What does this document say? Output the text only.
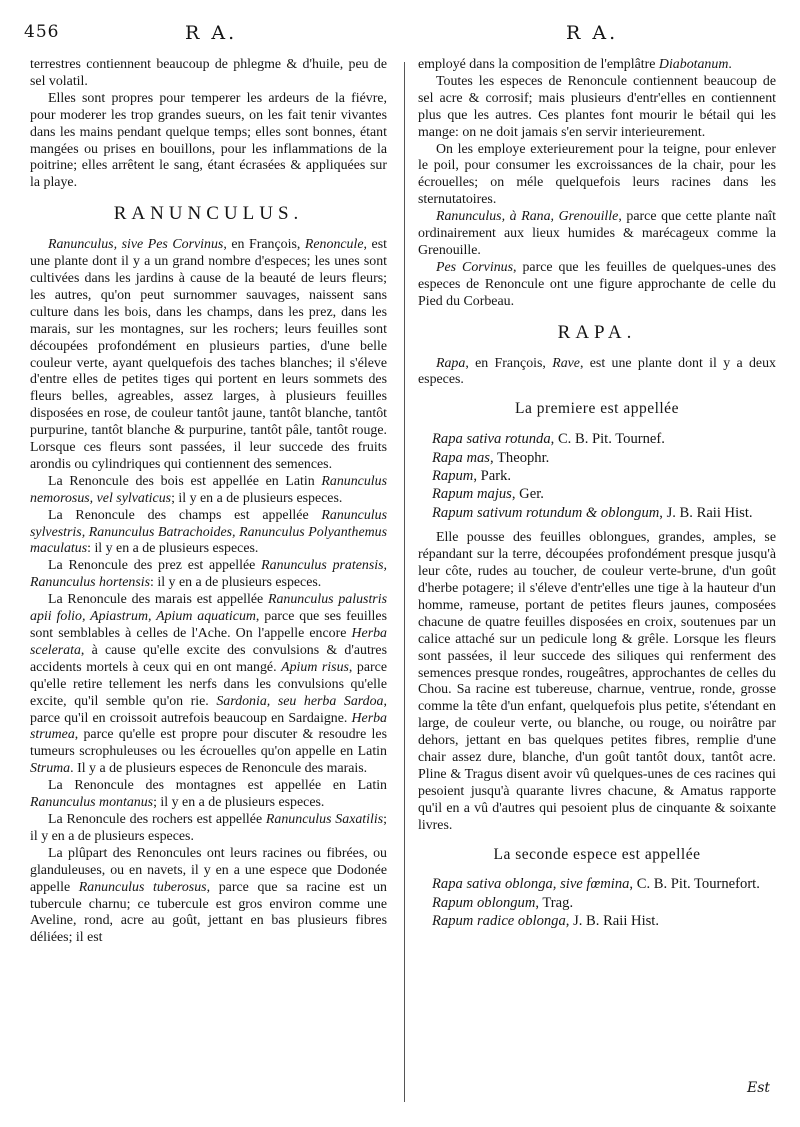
456	R A.	R A.

terrestres contiennent beaucoup de phlegme & d'huile, peu de sel volatil.

Elles sont propres pour temperer les ardeurs de la fiévre, pour moderer les trop grandes sueurs, on les fait tenir vivantes dans les mains pendant quelque temps; elles sont bonnes, étant mangées ou prises en bouillons, pour les inflammations de la poitrine; elles arrêtent le sang, étant écrasées & appliquées sur la playe.

RANUNCULUS.

Ranunculus, sive Pes Corvinus, en François, Renoncule, est une plante dont il y a un grand nombre d'especes; les unes sont cultivées dans les jardins à cause de la beauté de leurs fleurs; les autres, qu'on peut surnommer sauvages, naissent sans culture dans les bois, dans les champs, dans les prez, dans les marais, sur les montagnes, sur les rochers; leurs feuilles sont découpées profondément en plusieurs parties, d'une belle couleur verte, ayant quelquefois des taches blanches; il s'éleve d'entre elles de petites tiges qui portent en leurs sommets des fleurs belles, agreables, assez larges, à plusieurs feuilles disposées en rose, de couleur tantôt jaune, tantôt blanche, tantôt purpurine, tantôt blanche & purpurine, tantôt pâle, tantôt rouge. Lorsque ces fleurs sont passées, il leur succede des fruits arondis ou cylindriques qui contiennent des semences.

La Renoncule des bois est appellée en Latin Ranunculus nemorosus, vel sylvaticus; il y en a de plusieurs especes.

La Renoncule des champs est appellée Ranunculus sylvestris, Ranunculus Batrachoides, Ranunculus Polyanthemus maculatus: il y en a de plusieurs especes.

La Renoncule des prez est appellée Ranunculus pratensis, Ranunculus hortensis: il y en a de plusieurs especes.

La Renoncule des marais est appellée Ranunculus palustris apii folio, Apiastrum, Apium aquaticum, parce que ses feuilles sont semblables à celles de l'Ache. On l'appelle encore Herba scelerata, à cause qu'elle excite des convulsions & d'autres accidents mortels à ceux qui en ont mangé. Apium risus, parce qu'elle retire tellement les nerfs dans les convulsions qu'elle excite, qu'il semble qu'on rie. Sardonia, seu herba Sardoa, parce qu'il en croissoit autrefois beaucoup en Sardaigne. Herba strumea, parce qu'elle est propre pour discuter & resoudre les tumeurs scrophuleuses ou les écrouelles qu'on appelle en Latin Struma. Il y a de plusieurs especes de Renoncule des marais.

La Renoncule des montagnes est appellée en Latin Ranunculus montanus; il y en a de plusieurs especes.

La Renoncule des rochers est appellée Ranunculus Saxatilis; il y en a de plusieurs especes.

La plûpart des Renoncules ont leurs racines ou fibrées, ou glanduleuses, ou en navets, il y en a une espece que Dodonée appelle Ranunculus tuberosus, parce que sa racine est un tubercule charnu; ce tubercule est gros environ comme une Aveline, rond, acre au goût, jettant en bas plusieurs fibres déliées; il est

employé dans la composition de l'emplâtre Diabotanum.

Toutes les especes de Renoncule contiennent beaucoup de sel acre & corrosif; mais plusieurs d'entr'elles en contiennent plus que les autres. Ces plantes font mourir le bétail qui les mange: on ne doit jamais s'en servir interieurement.

On les employe exterieurement pour la teigne, pour enlever le poil, pour consumer les excroissances de la chair, pour les écrouelles; on méle quelquefois leurs racines dans les sternutatoires.

Ranunculus, à Rana, Grenouille, parce que cette plante naît ordinairement aux lieux humides & marécageux comme la Grenouille.

Pes Corvinus, parce que les feuilles de quelques-unes des especes de Renoncule ont une figure approchante de celle du Pied du Corbeau.

RAPA.

Rapa, en François, Rave, est une plante dont il y a deux especes.

La premiere est appellée
Rapa sativa rotunda, C. B. Pit. Tournef.
Rapa mas, Theophr.
Rapum, Park.
Rapum majus, Ger.
Rapum sativum rotundum & oblongum, J. B. Raii Hist.

Elle pousse des feuilles oblongues, grandes, amples, se répandant sur la terre, découpées profondément presque jusqu'à leur côte, rudes au toucher, de couleur verte-brune, d'un goût d'herbe potagere; il s'éleve d'entr'elles une tige à la hauteur d'un homme, rameuse, portant de petites fleurs jaunes, composées chacune de quatre feuilles disposées en croix, soutenues par un calice attaché sur un pedicule long & grêle. Lorsque les fleurs sont passées, il leur succede des siliques qui renferment des semences presque rondes, rougeâtres, approchantes de celles du Chou. Sa racine est tubereuse, charnue, ventrue, ronde, grosse comme la tête d'un enfant, quelquefois plus petite, s'étendant en large, de couleur verte, ou blanche, ou rouge, ou noirâtre par dehors, jettant en bas quelques petites fibres, remplie d'une chair assez dure, blanche, d'un goût tantôt doux, tantôt acre. Pline & Tragus disent avoir vû quelques-unes de ces racines qui pesoient jusqu'à quarante livres chacune, & Amatus rapporte qu'il en a vû d'autres qui pesoient plus de cinquante & soixante livres.

La seconde espece est appellée
Rapa sativa oblonga, sive fœmina, C. B. Pit. Tournefort.
Rapum oblongum, Trag.
Rapum radice oblonga, J. B. Raii Hist.
Est
